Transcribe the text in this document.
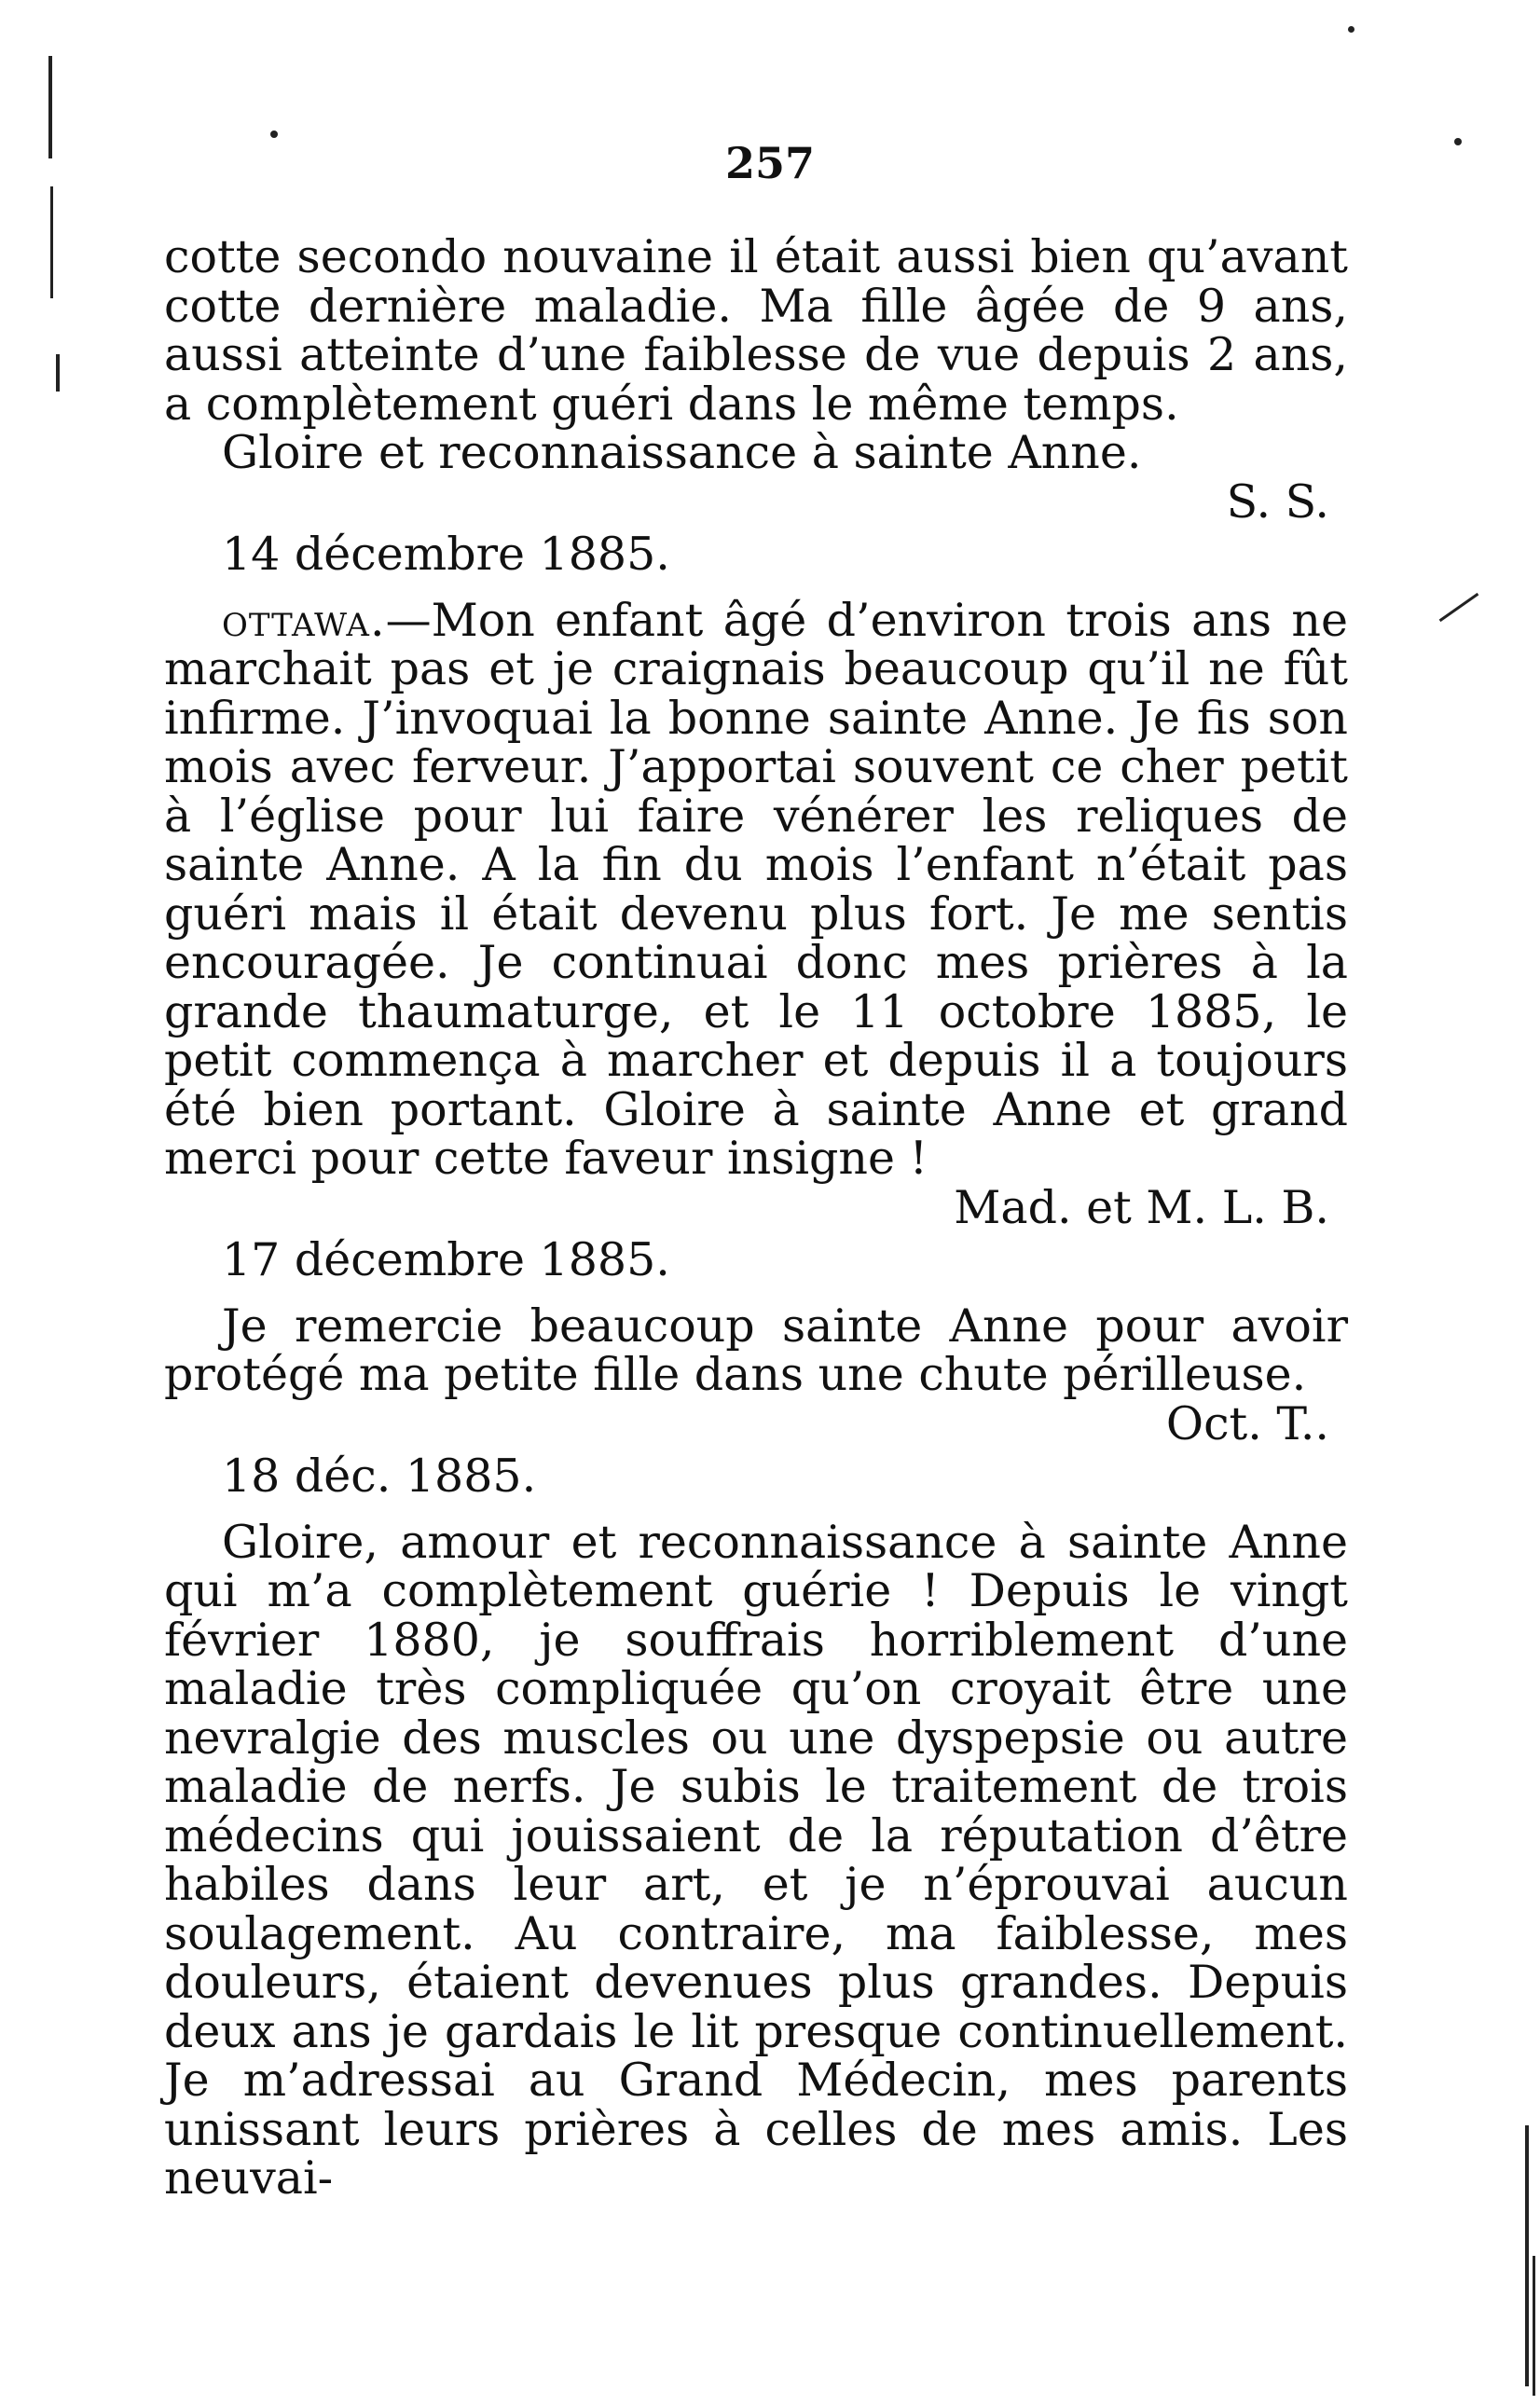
257

cotte secondo nouvaine il était aussi bien qu’avant cotte dernière maladie. Ma fille âgée de 9 ans, aussi atteinte d’une faiblesse de vue depuis 2 ans, a complètement guéri dans le même temps.

Gloire et reconnaissance à sainte Anne.

S. S.

14 décembre 1885.

ottawa.—Mon enfant âgé d’environ trois ans ne marchait pas et je craignais beaucoup qu’il ne fût infirme. J’invoquai la bonne sainte Anne. Je fis son mois avec ferveur. J’apportai souvent ce cher petit à l’église pour lui faire vénérer les reliques de sainte Anne. A la fin du mois l’enfant n’était pas guéri mais il était devenu plus fort. Je me sentis encouragée. Je continuai donc mes prières à la grande thaumaturge, et le 11 octobre 1885, le petit commença à marcher et depuis il a toujours été bien portant. Gloire à sainte Anne et grand merci pour cette faveur insigne !

Mad. et M. L. B.

17 décembre 1885.

Je remercie beaucoup sainte Anne pour avoir protégé ma petite fille dans une chute périlleuse.

Oct. T..

18 déc. 1885.

Gloire, amour et reconnaissance à sainte Anne qui m’a complètement guérie ! Depuis le vingt février 1880, je souffrais horriblement d’une maladie très compliquée qu’on croyait être une nevralgie des muscles ou une dyspepsie ou autre maladie de nerfs. Je subis le traitement de trois médecins qui jouissaient de la réputation d’être habiles dans leur art, et je n’éprouvai aucun soulagement. Au contraire, ma faiblesse, mes douleurs, étaient devenues plus grandes. Depuis deux ans je gardais le lit presque continuellement. Je m’adressai au Grand Médecin, mes parents unissant leurs prières à celles de mes amis. Les neuvai-
